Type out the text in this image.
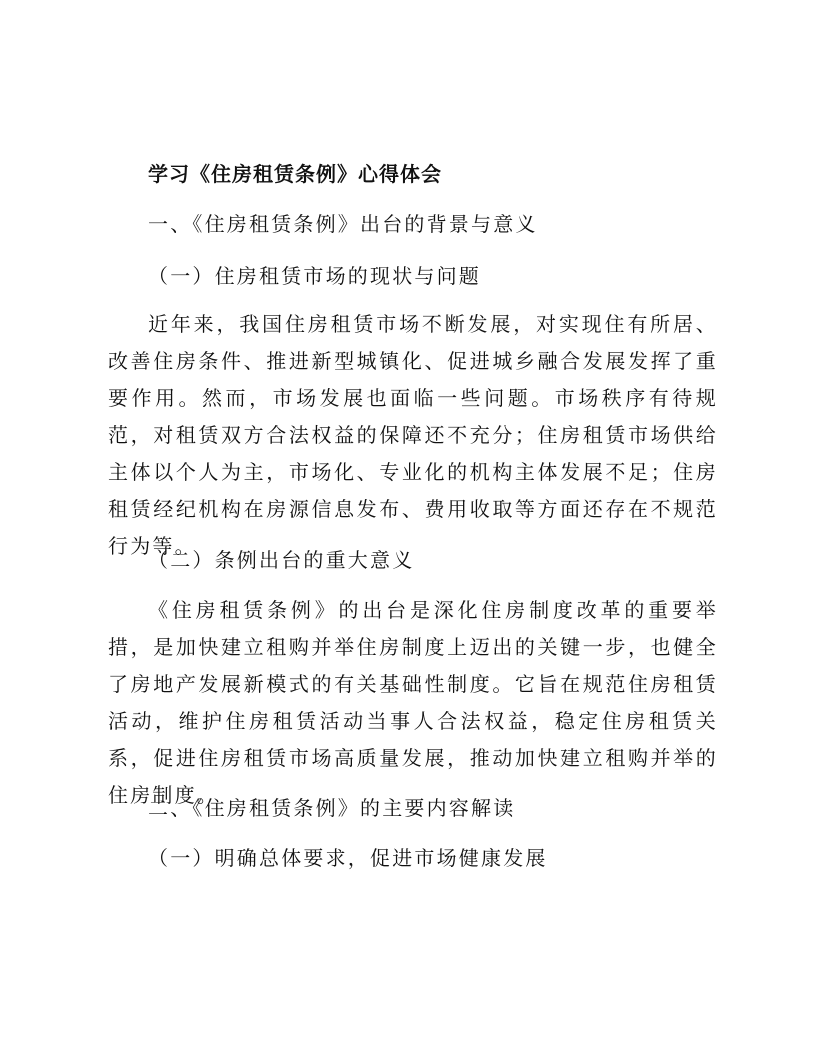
学习《住房租赁条例》心得体会
一、《住房租赁条例》出台的背景与意义
（一）住房租赁市场的现状与问题
近年来，我国住房租赁市场不断发展，对实现住有所居、改善住房条件、推进新型城镇化、促进城乡融合发展发挥了重要作用。然而，市场发展也面临一些问题。市场秩序有待规范，对租赁双方合法权益的保障还不充分；住房租赁市场供给主体以个人为主，市场化、专业化的机构主体发展不足；住房租赁经纪机构在房源信息发布、费用收取等方面还存在不规范行为等。
（二）条例出台的重大意义
《住房租赁条例》的出台是深化住房制度改革的重要举措，是加快建立租购并举住房制度上迈出的关键一步，也健全了房地产发展新模式的有关基础性制度。它旨在规范住房租赁活动，维护住房租赁活动当事人合法权益，稳定住房租赁关系，促进住房租赁市场高质量发展，推动加快建立租购并举的住房制度。
二、《住房租赁条例》的主要内容解读
（一）明确总体要求，促进市场健康发展
